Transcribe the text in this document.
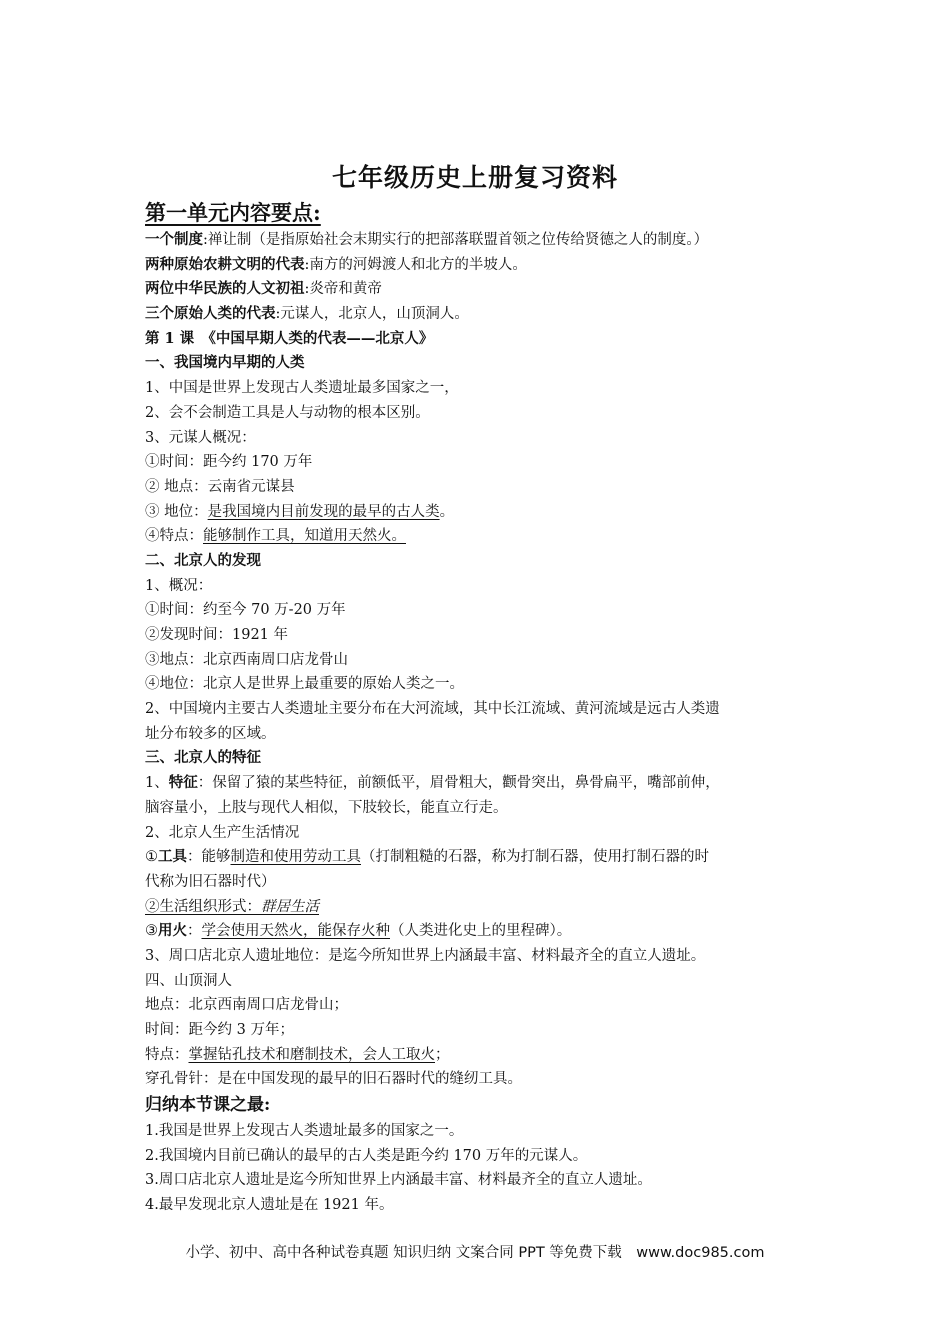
七年级历史上册复习资料

第一单元内容要点:

一个制度:禅让制（是指原始社会末期实行的把部落联盟首领之位传给贤德之人的制度。）

两种原始农耕文明的代表:南方的河姆渡人和北方的半坡人。

两位中华民族的人文初祖:炎帝和黄帝

三个原始人类的代表:元谋人，北京人，山顶洞人。

第 1 课　《中国早期人类的代表——北京人》

一、我国境内早期的人类

1、中国是世界上发现古人类遗址最多国家之一，

2、会不会制造工具是人与动物的根本区别。

3、元谋人概况：

①时间：距今约 170 万年

② 地点：云南省元谋县

③ 地位：是我国境内目前发现的最早的古人类。

④特点：能够制作工具，知道用天然火。

二、北京人的发现

1、概况：

①时间：约至今 70 万-20 万年

②发现时间：1921 年

③地点：北京西南周口店龙骨山

④地位：北京人是世界上最重要的原始人类之一。

2、中国境内主要古人类遗址主要分布在大河流域，其中长江流域、黄河流域是远古人类遗

址分布较多的区域。

三、北京人的特征

1、特征：保留了猿的某些特征，前额低平，眉骨粗大，颧骨突出，鼻骨扁平，嘴部前伸，

脑容量小，上肢与现代人相似，下肢较长，能直立行走。

2、北京人生产生活情况

①工具：能够制造和使用劳动工具（打制粗糙的石器，称为打制石器，使用打制石器的时

代称为旧石器时代）

②生活组织形式：群居生活

③用火：学会使用天然火，能保存火种（人类进化史上的里程碑）。

3、周口店北京人遗址地位：是迄今所知世界上内涵最丰富、材料最齐全的直立人遗址。

四、山顶洞人

地点：北京西南周口店龙骨山；

时间：距今约 3 万年；

特点：掌握钻孔技术和磨制技术，会人工取火；

穿孔骨针：是在中国发现的最早的旧石器时代的缝纫工具。

归纳本节课之最:

1.我国是世界上发现古人类遗址最多的国家之一。

2.我国境内目前已确认的最早的古人类是距今约 170 万年的元谋人。

3.周口店北京人遗址是迄今所知世界上内涵最丰富、材料最齐全的直立人遗址。

4.最早发现北京人遗址是在 1921 年。

小学、初中、高中各种试卷真题 知识归纳 文案合同 PPT 等免费下载　www.doc985.com
